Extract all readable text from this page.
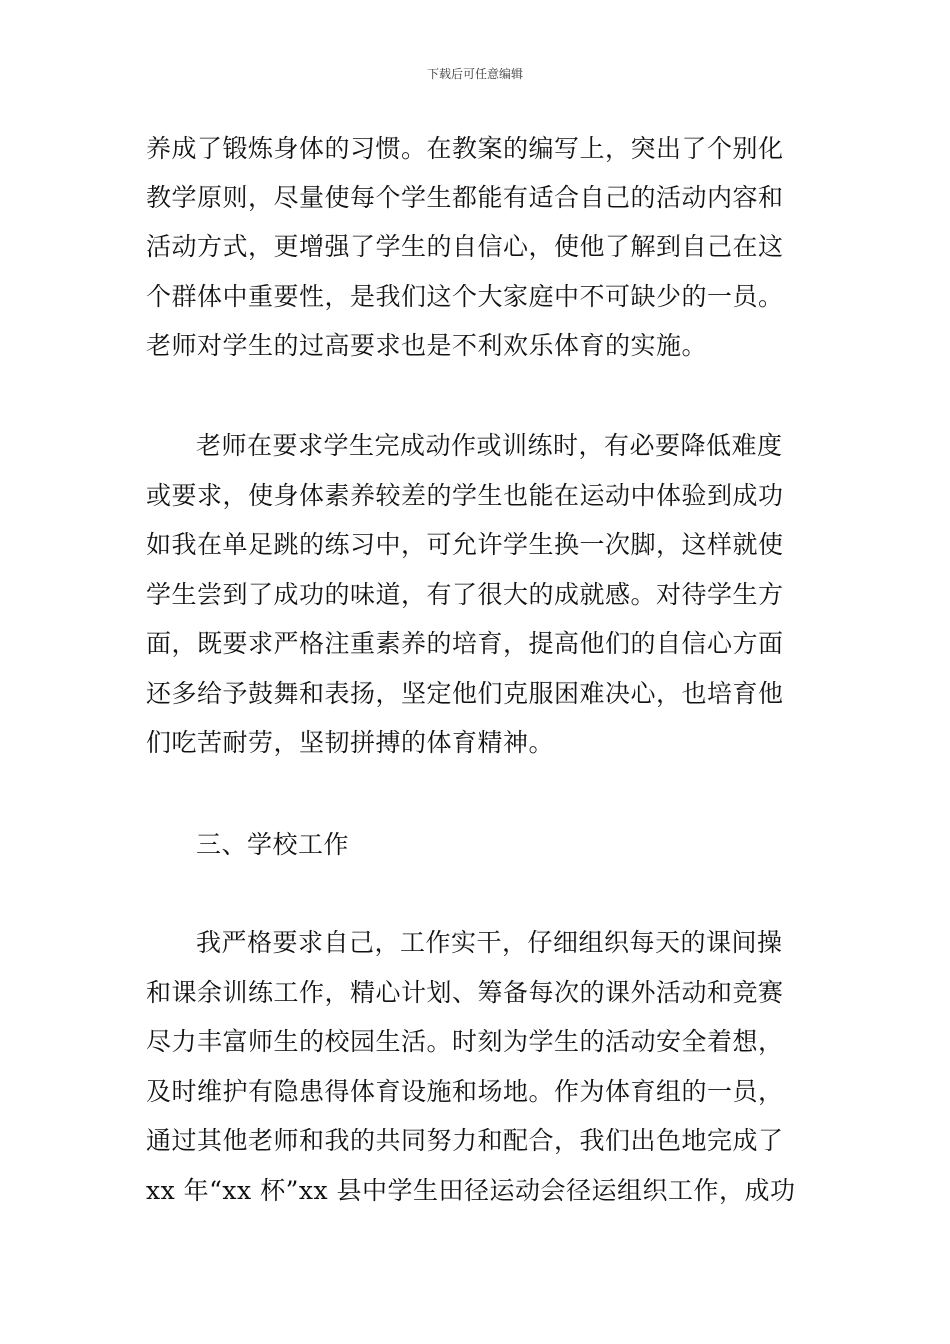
下载后可任意编辑
养成了锻炼身体的习惯。在教案的编写上，突出了个别化
教学原则，尽量使每个学生都能有适合自己的活动内容和
活动方式，更增强了学生的自信心，使他了解到自己在这
个群体中重要性，是我们这个大家庭中不可缺少的一员。
老师对学生的过高要求也是不利欢乐体育的实施。
老师在要求学生完成动作或训练时，有必要降低难度
或要求，使身体素养较差的学生也能在运动中体验到成功
如我在单足跳的练习中，可允许学生换一次脚，这样就使
学生尝到了成功的味道，有了很大的成就感。对待学生方
面，既要求严格注重素养的培育，提高他们的自信心方面
还多给予鼓舞和表扬，坚定他们克服困难决心，也培育他
们吃苦耐劳，坚韧拼搏的体育精神。
三、学校工作
我严格要求自己，工作实干，仔细组织每天的课间操
和课余训练工作，精心计划、筹备每次的课外活动和竞赛
尽力丰富师生的校园生活。时刻为学生的活动安全着想，
及时维护有隐患得体育设施和场地。作为体育组的一员，
通过其他老师和我的共同努力和配合，我们出色地完成了
xx 年“xx 杯”xx 县中学生田径运动会径运组织工作，成功
